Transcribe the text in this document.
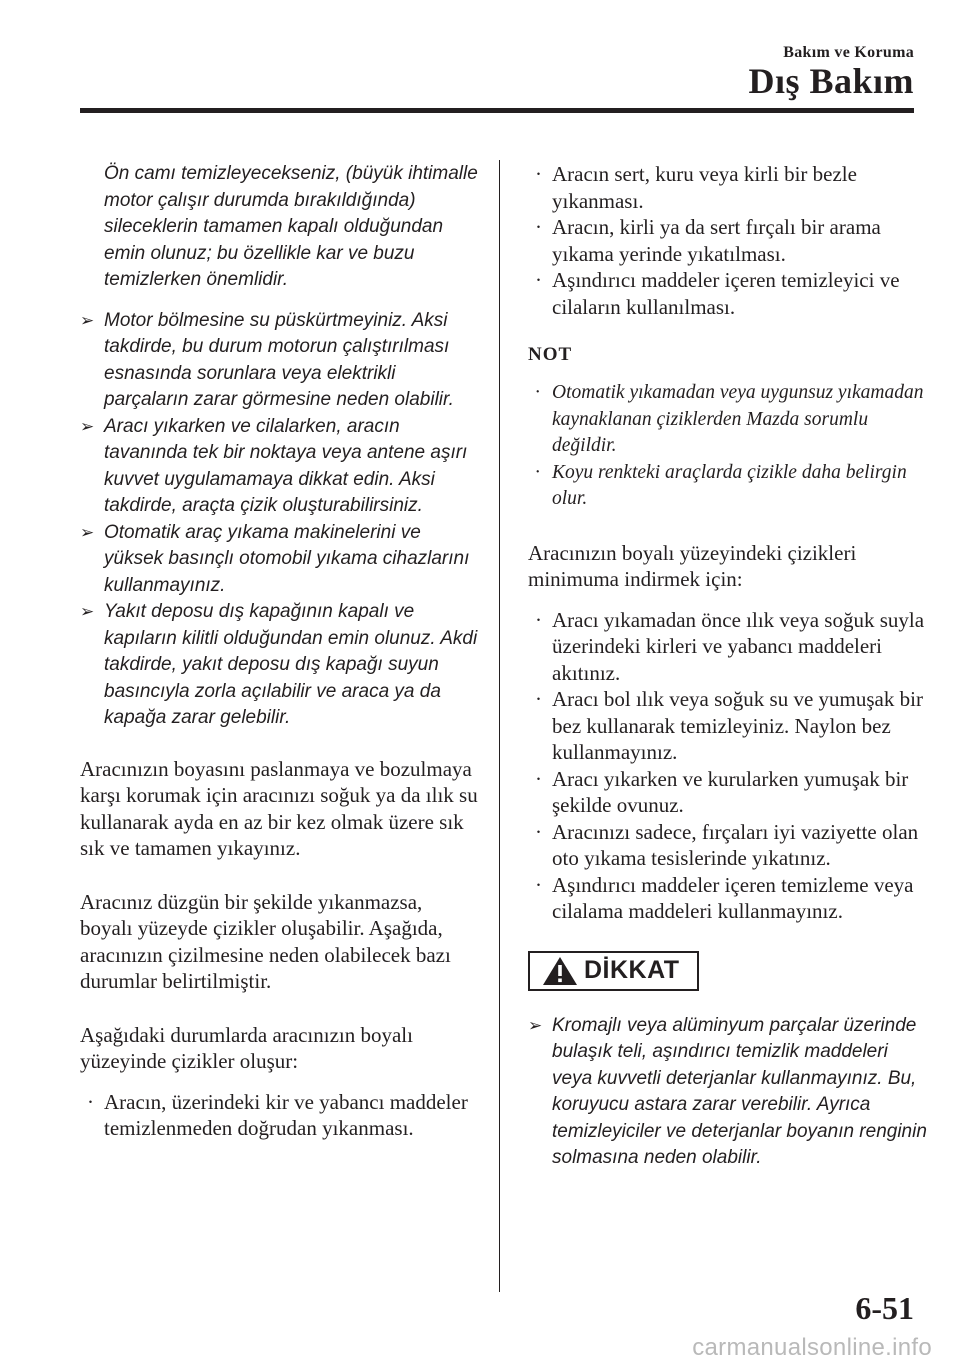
Bakım ve Koruma
Dış Bakım

Ön camı temizleyecekseniz, (büyük ihtimalle motor çalışır durumda bırakıldığında) sileceklerin tamamen kapalı olduğundan emin olunuz; bu özellikle kar ve buzu temizlerken önemlidir.

➢ Motor bölmesine su püskürtmeyiniz. Aksi takdirde, bu durum motorun çalıştırılması esnasında sorunlara veya elektrikli parçaların zarar görmesine neden olabilir.

➢ Aracı yıkarken ve cilalarken, aracın tavanında tek bir noktaya veya antene aşırı kuvvet uygulamamaya dikkat edin. Aksi takdirde, araçta çizik oluşturabilirsiniz.

➢ Otomatik araç yıkama makinelerini ve yüksek basınçlı otomobil yıkama cihazlarını kullanmayınız.

➢ Yakıt deposu dış kapağının kapalı ve kapıların kilitli olduğundan emin olunuz. Akdi takdirde, yakıt deposu dış kapağı suyun basıncıyla zorla açılabilir ve araca ya da kapağa zarar gelebilir.

Aracınızın boyasını paslanmaya ve bozulmaya karşı korumak için aracınızı soğuk ya da ılık su kullanarak ayda en az bir kez olmak üzere sık sık ve tamamen yıkayınız.

Aracınız düzgün bir şekilde yıkanmazsa, boyalı yüzeyde çizikler oluşabilir. Aşağıda, aracınızın çizilmesine neden olabilecek bazı durumlar belirtilmiştir.

Aşağıdaki durumlarda aracınızın boyalı yüzeyinde çizikler oluşur:

· Aracın, üzerindeki kir ve yabancı maddeler temizlenmeden doğrudan yıkanması.
· Aracın sert, kuru veya kirli bir bezle yıkanması.
· Aracın, kirli ya da sert fırçalı bir arama yıkama yerinde yıkatılması.
· Aşındırıcı maddeler içeren temizleyici ve cilaların kullanılması.
NOT
· Otomatik yıkamadan veya uygunsuz yıkamadan kaynaklanan çiziklerden Mazda sorumlu değildir.
· Koyu renkteki araçlarda çizikle daha belirgin olur.

Aracınızın boyalı yüzeyindeki çizikleri minimuma indirmek için:

· Aracı yıkamadan önce ılık veya soğuk suyla üzerindeki kirleri ve yabancı maddeleri akıtınız.
· Aracı bol ılık veya soğuk su ve yumuşak bir bez kullanarak temizleyiniz. Naylon bez kullanmayınız.
· Aracı yıkarken ve kurularken yumuşak bir şekilde ovunuz.
· Aracınızı sadece, fırçaları iyi vaziyette olan oto yıkama tesislerinde yıkatınız.
· Aşındırıcı maddeler içeren temizleme veya cilalama maddeleri kullanmayınız.
DİKKAT

➢ Kromajlı veya alüminyum parçalar üzerinde bulaşık teli, aşındırıcı temizlik maddeleri veya kuvvetli deterjanlar kullanmayınız. Bu, koruyucu astara zarar verebilir. Ayrıca temizleyiciler ve deterjanlar boyanın renginin solmasına neden olabilir.

6-51
carmanualsonline.info
